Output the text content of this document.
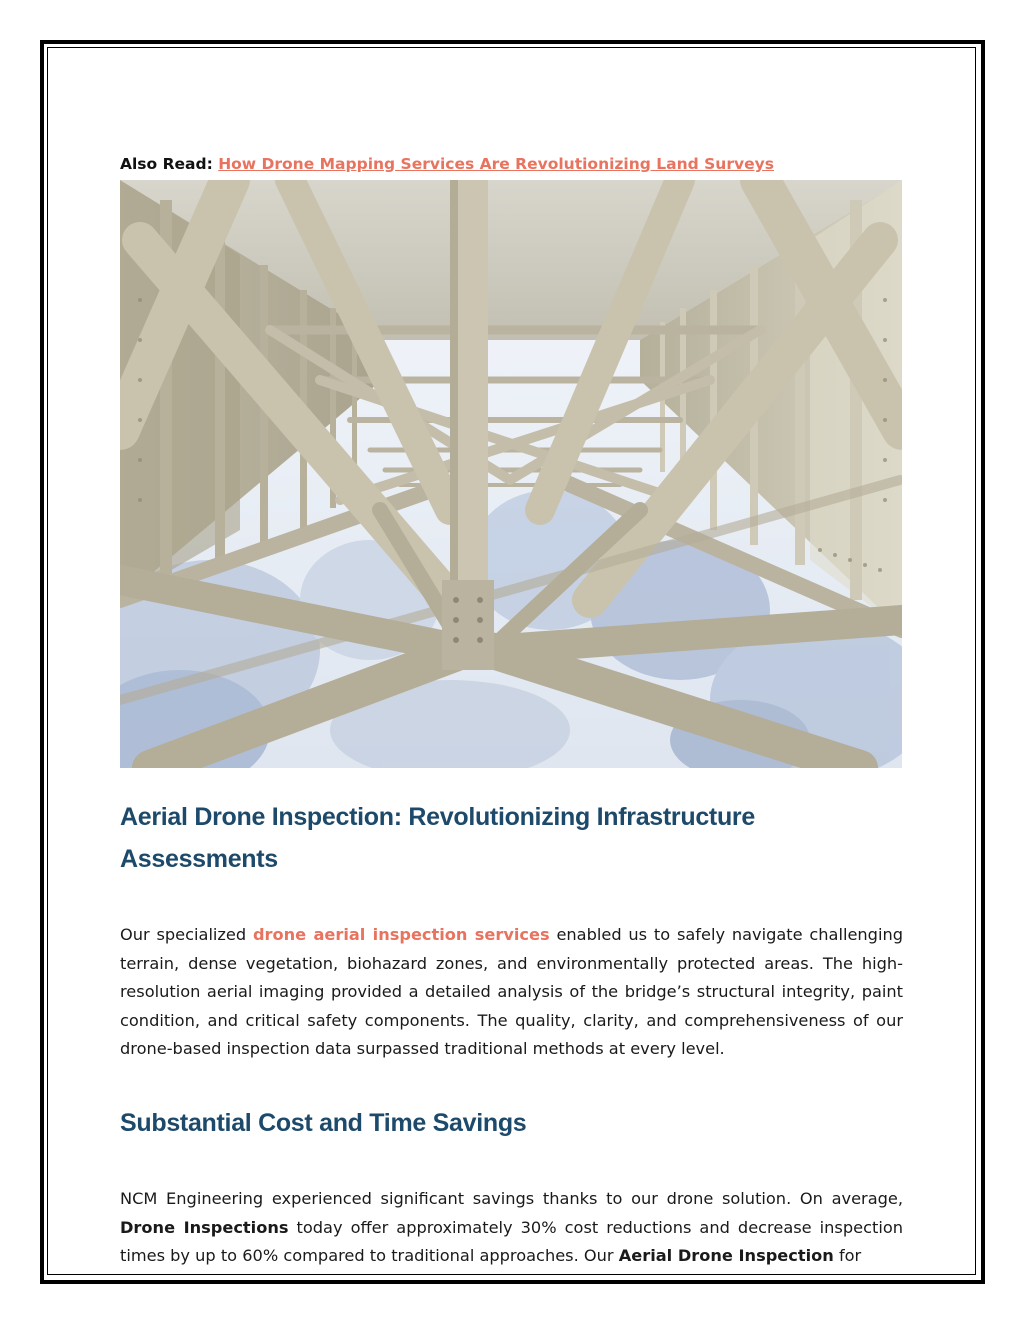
Also Read: How Drone Mapping Services Are Revolutionizing Land Surveys
Aerial Drone Inspection: Revolutionizing Infrastructure Assessments

Our specialized drone aerial inspection services enabled us to safely navigate challenging terrain, dense vegetation, biohazard zones, and environmentally protected areas. The high-resolution aerial imaging provided a detailed analysis of the bridge’s structural integrity, paint condition, and critical safety components. The quality, clarity, and comprehensiveness of our drone-based inspection data surpassed traditional methods at every level.

Substantial Cost and Time Savings

NCM Engineering experienced significant savings thanks to our drone solution. On average, Drone Inspections today offer approximately 30% cost reductions and decrease inspection times by up to 60% compared to traditional approaches. Our Aerial Drone Inspection for
